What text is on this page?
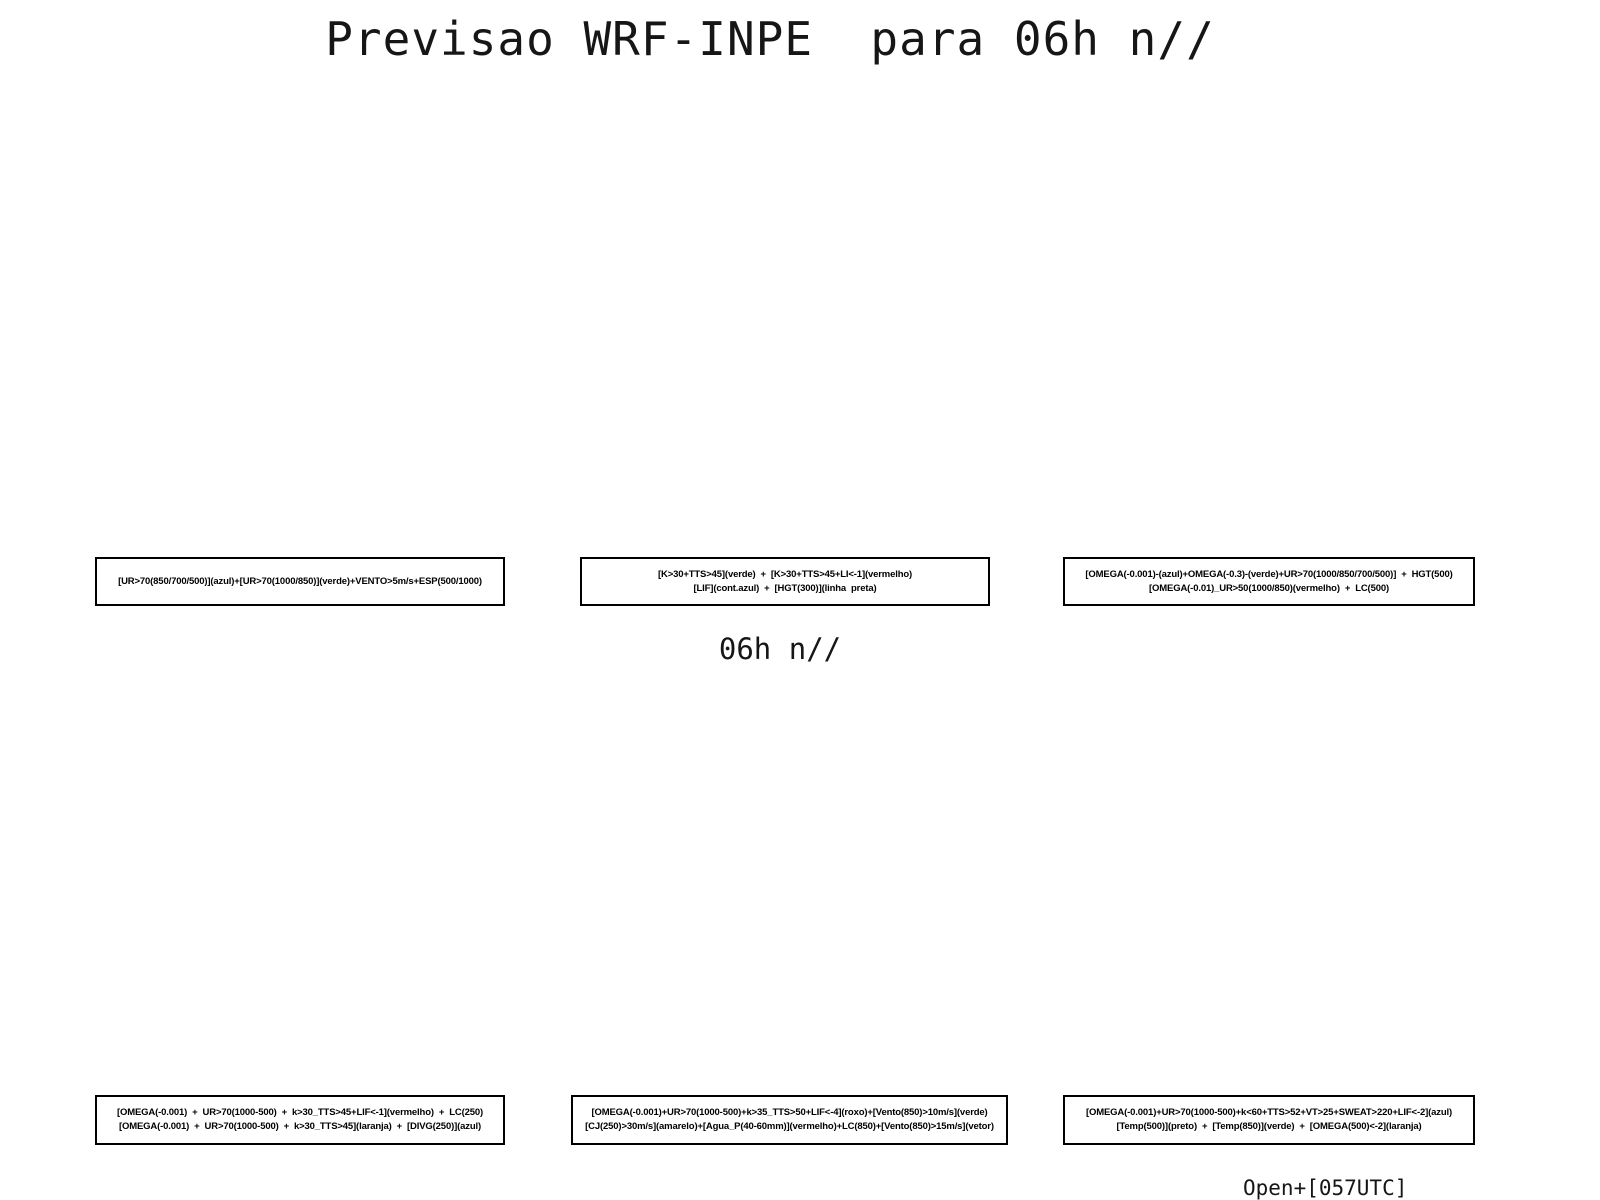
Previsao WRF-INPE  para 06h n//
[UR>70(850/700/500)](azul)+[UR>70(1000/850)](verde)+VENTO>5m/s+ESP(500/1000)
[K>30+TTS>45](verde)  +  [K>30+TTS>45+LI<-1](vermelho)
[LIF](cont.azul)  +  [HGT(300)](linha  preta)
[OMEGA(-0.001)-(azul)+OMEGA(-0.3)-(verde)+UR>70(1000/850/700/500)]  +  HGT(500)
[OMEGA(-0.01)_UR>50(1000/850)(vermelho)  +  LC(500)
06h n//
[OMEGA(-0.001)  +  UR>70(1000-500)  +  k>30_TTS>45+LIF<-1](vermelho)  +  LC(250)
[OMEGA(-0.001)  +  UR>70(1000-500)  +  k>30_TTS>45](laranja)  +  [DIVG(250)](azul)
[OMEGA(-0.001)+UR>70(1000-500)+k>35_TTS>50+LIF<-4](roxo)+[Vento(850)>10m/s](verde)
[CJ(250)>30m/s](amarelo)+[Agua_P(40-60mm)](vermelho)+LC(850)+[Vento(850)>15m/s](vetor)
[OMEGA(-0.001)+UR>70(1000-500)+k<60+TTS>52+VT>25+SWEAT>220+LIF<-2](azul)
[Temp(500)](preto)  +  [Temp(850)](verde)  +  [OMEGA(500)<-2](laranja)
Open+[057UTC]
